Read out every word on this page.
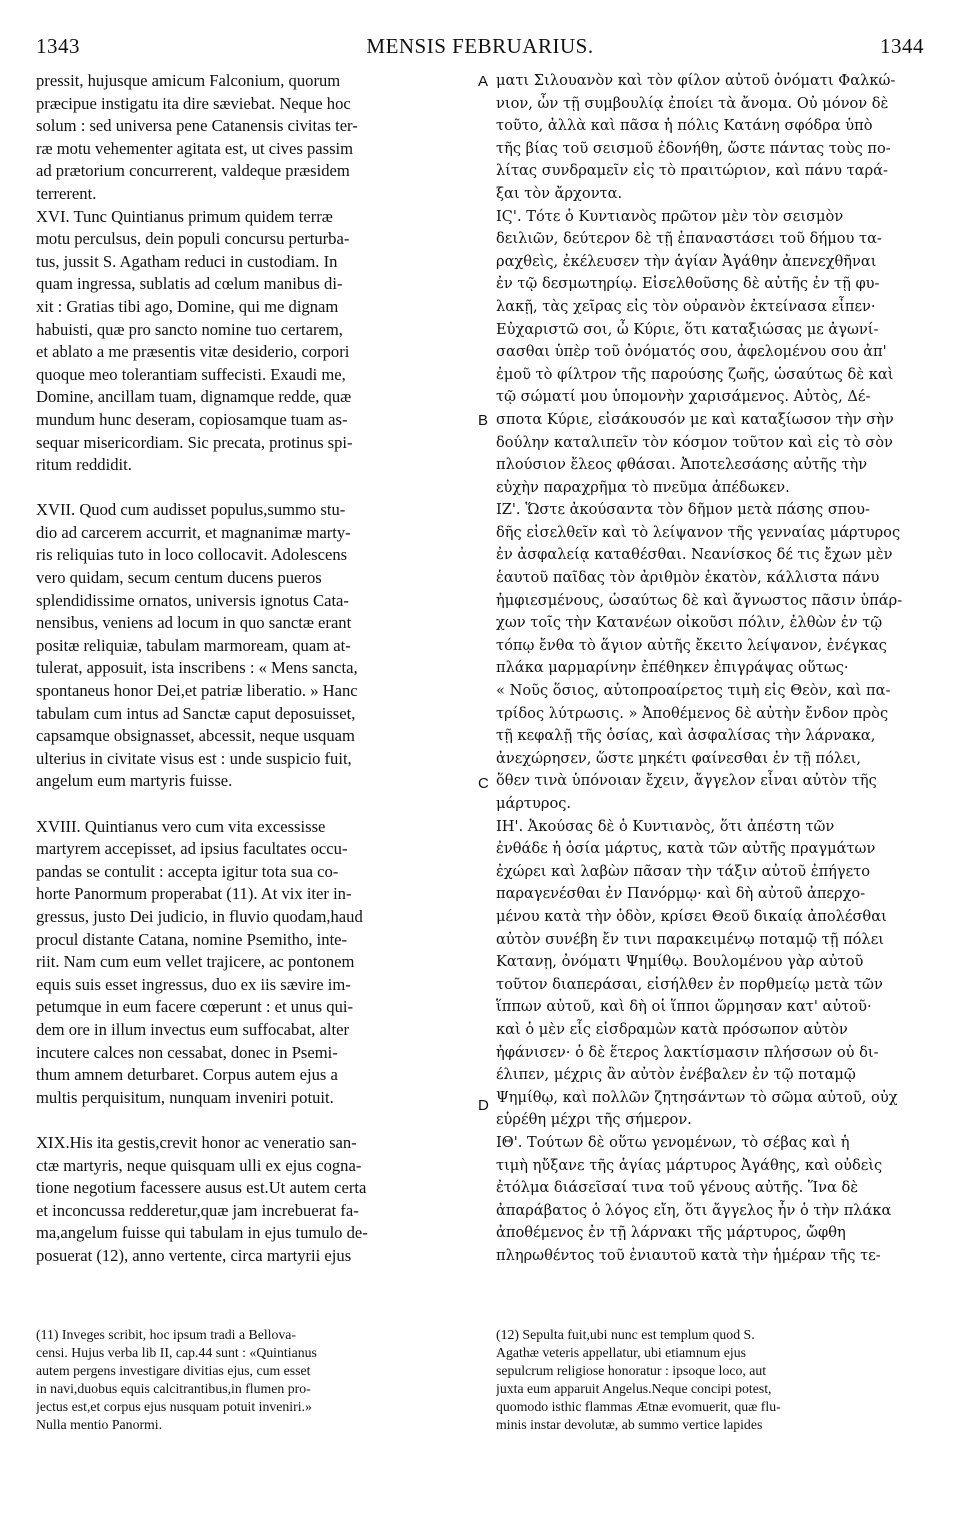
1343	MENSIS FEBRUARIUS.	1344
A
B
C
D
pressit, hujusque amicum Falconium, quorum
præcipue instigatu ita dire sæviebat. Neque hoc
solum : sed universa pene Catanensis civitas ter-
ræ motu vehementer agitata est, ut cives passim
ad prætorium concurrerent, valdeque præsidem
terrerent.
XVI. Tunc Quintianus primum quidem terræ
motu perculsus, dein populi concursu perturba-
tus, jussit S. Agatham reduci in custodiam. In
quam ingressa, sublatis ad cœlum manibus di-
xit : Gratias tibi ago, Domine, qui me dignam
habuisti, quæ pro sancto nomine tuo certarem,
et ablato a me præsentis vitæ desiderio, corpori
quoque meo tolerantiam suffecisti. Exaudi me,
Domine, ancillam tuam, dignamque redde, quæ
mundum hunc deseram, copiosamque tuam as-
sequar misericordiam. Sic precata, protinus spi-
ritum reddidit.
XVII. Quod cum audisset populus,summo stu-
dio ad carcerem accurrit, et magnanimæ marty-
ris reliquias tuto in loco collocavit. Adolescens
vero quidam, secum centum ducens pueros
splendidissime ornatos, universis ignotus Cata-
nensibus, veniens ad locum in quo sanctæ erant
positæ reliquiæ, tabulam marmoream, quam at-
tulerat, apposuit, ista inscribens : « Mens sancta,
spontaneus honor Dei,et patriæ liberatio. » Hanc
tabulam cum intus ad Sanctæ caput deposuisset,
capsamque obsignasset, abcessit, neque usquam
ulterius in civitate visus est : unde suspicio fuit,
angelum eum martyris fuisse.
XVIII. Quintianus vero cum vita excessisse
martyrem accepisset, ad ipsius facultates occu-
pandas se contulit : accepta igitur tota sua co-
horte Panormum properabat (11). At vix iter in-
gressus, justo Dei judicio, in fluvio quodam,haud
procul distante Catana, nomine Psemitho, inte-
riit. Nam cum eum vellet trajicere, ac pontonem
equis suis esset ingressus, duo ex iis sævire im-
petumque in eum facere cœperunt : et unus qui-
dem ore in illum invectus eum suffocabat, alter
incutere calces non cessabat, donec in Psemi-
thum amnem deturbaret. Corpus autem ejus a
multis perquisitum, nunquam inveniri potuit.
XIX.His ita gestis,crevit honor ac veneratio san-
ctæ martyris, neque quisquam ulli ex ejus cogna-
tione negotium facessere ausus est.Ut autem certa
et inconcussa redderetur,quæ jam increbuerat fa-
ma,angelum fuisse qui tabulam in ejus tumulo de-
posuerat (12), anno vertente, circa martyrii ejus
ματι Σιλουανὸν καὶ τὸν φίλον αὐτοῦ ὀνόματι Φαλκώ-
νιον, ὧν τῇ συμβουλίᾳ ἐποίει τὰ ἄνομα. Οὐ μόνον δὲ
τοῦτο, ἀλλὰ καὶ πᾶσα ἡ πόλις Κατάνη σφόδρα ὑπὸ
τῆς βίας τοῦ σεισμοῦ ἐδονήθη, ὥστε πάντας τοὺς πο-
λίτας συνδραμεῖν εἰς τὸ πραιτώριον, καὶ πάνυ ταρά-
ξαι τὸν ἄρχοντα.
ΙϚ'. Τότε ὁ Κυντιανὸς πρῶτον μὲν τὸν σεισμὸν
δειλιῶν, δεύτερον δὲ τῇ ἐπαναστάσει τοῦ δήμου τα-
ραχθεὶς, ἐκέλευσεν τὴν ἁγίαν Ἀγάθην ἀπενεχθῆναι
ἐν τῷ δεσμωτηρίῳ. Εἰσελθοῦσης δὲ αὐτῆς ἐν τῇ φυ-
λακῇ, τὰς χεῖρας εἰς τὸν οὐρανὸν ἐκτείνασα εἶπεν·
Εὐχαριστῶ σοι, ὦ Κύριε, ὅτι καταξιώσας με ἀγωνί-
σασθαι ὑπὲρ τοῦ ὀνόματός σου, ἀφελομένου σου ἀπ'
ἐμοῦ τὸ φίλτρον τῆς παρούσης ζωῆς, ὡσαύτως δὲ καὶ
τῷ σώματί μου ὑπομονὴν χαρισάμενος. Αὐτὸς, Δέ-
σποτα Κύριε, εἰσάκουσόν με καὶ καταξίωσον τὴν σὴν
δούλην καταλιπεῖν τὸν κόσμον τοῦτον καὶ εἰς τὸ σὸν
πλούσιον ἔλεος φθάσαι. Ἀποτελεσάσης αὐτῆς τὴν
εὐχὴν παραχρῆμα τὸ πνεῦμα ἀπέδωκεν.
ΙΖ'. Ὥστε ἀκούσαντα τὸν δῆμον μετὰ πάσης σπου-
δῆς εἰσελθεῖν καὶ τὸ λείψανον τῆς γενναίας μάρτυρος
ἐν ἀσφαλείᾳ καταθέσθαι. Νεανίσκος δέ τις ἔχων μὲν
ἑαυτοῦ παῖδας τὸν ἀριθμὸν ἑκατὸν, κάλλιστα πάνυ
ἠμφιεσμένους, ὡσαύτως δὲ καὶ ἄγνωστος πᾶσιν ὑπάρ-
χων τοῖς τὴν Κατανέων οἰκοῦσι πόλιν, ἐλθὼν ἐν τῷ
τόπῳ ἔνθα τὸ ἅγιον αὐτῆς ἔκειτο λείψανον, ἐνέγκας
πλάκα μαρμαρίνην ἐπέθηκεν ἐπιγράψας οὕτως·
« Νοῦς ὅσιος, αὐτοπροαίρετος τιμὴ εἰς Θεὸν, καὶ πα-
τρίδος λύτρωσις. » Ἀποθέμενος δὲ αὐτὴν ἔνδον πρὸς
τῇ κεφαλῇ τῆς ὁσίας, καὶ ἀσφαλίσας τὴν λάρνακα,
ἀνεχώρησεν, ὥστε μηκέτι φαίνεσθαι ἐν τῇ πόλει,
ὅθεν τινὰ ὑπόνοιαν ἔχειν, ἄγγελον εἶναι αὐτὸν τῆς
μάρτυρος.
ΙΗ'. Ἀκούσας δὲ ὁ Κυντιανὸς, ὅτι ἀπέστη τῶν
ἐνθάδε ἡ ὁσία μάρτυς, κατὰ τῶν αὐτῆς πραγμάτων
ἐχώρει καὶ λαβὼν πᾶσαν τὴν τάξιν αὐτοῦ ἐπήγετο
παραγενέσθαι ἐν Πανόρμῳ· καὶ δὴ αὐτοῦ ἀπερχο-
μένου κατὰ τὴν ὁδὸν, κρίσει Θεοῦ δικαίᾳ ἀπολέσθαι
αὐτὸν συνέβη ἔν τινι παρακειμένῳ ποταμῷ τῇ πόλει
Κατανῃ, ὀνόματι Ψημίθῳ. Βουλομένου γὰρ αὐτοῦ
τοῦτον διαπεράσαι, εἰσήλθεν ἐν πορθμείῳ μετὰ τῶν
ἵππων αὐτοῦ, καὶ δὴ οἱ ἵπποι ὥρμησαν κατ' αὐτοῦ·
καὶ ὁ μὲν εἷς εἰσδραμὼν κατὰ πρόσωπον αὐτὸν
ἠφάνισεν· ὁ δὲ ἕτερος λακτίσμασιν πλήσσων οὐ δι-
έλιπεν, μέχρις ἂν αὐτὸν ἐνέβαλεν ἐν τῷ ποταμῷ
Ψημίθῳ, καὶ πολλῶν ζητησάντων τὸ σῶμα αὐτοῦ, οὐχ
εὑρέθη μέχρι τῆς σήμερον.
ΙΘ'. Τούτων δὲ οὕτω γενομένων, τὸ σέβας καὶ ἡ
τιμὴ ηὔξανε τῆς ἁγίας μάρτυρος Ἀγάθης, καὶ οὐδεὶς
ἐτόλμα διάσεῖσαί τινα τοῦ γένους αὐτῆς. Ἵνα δὲ
ἀπαράβατος ὁ λόγος εἴη, ὅτι ἄγγελος ἦν ὁ τὴν πλάκα
ἀποθέμενος ἐν τῇ λάρνακι τῆς μάρτυρος, ὤφθη
πληρωθέντος τοῦ ἐνιαυτοῦ κατὰ τὴν ἡμέραν τῆς τε-
(11) Inveges scribit, hoc ipsum tradi a Bellova-
censi. Hujus verba lib II, cap.44 sunt : «Quintianus
autem pergens investigare divitias ejus, cum esset
in navi,duobus equis calcitrantibus,in flumen pro-
jectus est,et corpus ejus nusquam potuit inveniri.»
Nulla mentio Panormi.
(12) Sepulta fuit,ubi nunc est templum quod S.
Agathæ veteris appellatur, ubi etiamnum ejus
sepulcrum religiose honoratur : ipsoque loco, aut
juxta eum apparuit Angelus.Neque concipi potest,
quomodo isthic flammas Ætnæ evomuerit, quæ flu-
minis instar devolutæ, ab summo vertice lapides
